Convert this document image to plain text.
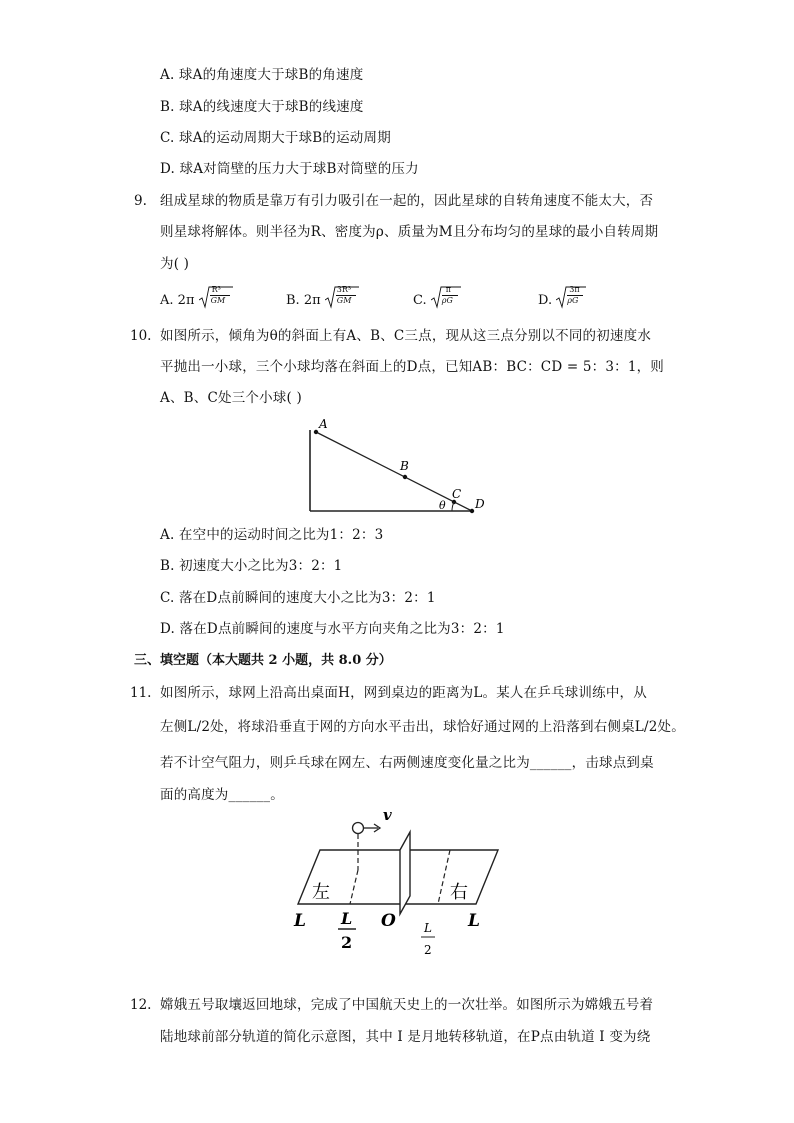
A. 球A的角速度大于球B的角速度
B. 球A的线速度大于球B的线速度
C. 球A的运动周期大于球B的运动周期
D. 球A对筒壁的压力大于球B对筒壁的压力
9. 组成星球的物质是靠万有引力吸引在一起的，因此星球的自转角速度不能太大，否
则星球将解体。则半径为R、密度为ρ、质量为M且分布均匀的星球的最小自转周期
为( )
A. $2\pi \frac{\text{R³}}{GM}$	B. $2\pi \frac{\text{3R³}}{GM}$	C. $\frac{\pi}{\rho G}$	D. $\frac{3\pi}{\rho G}$
10. 如图所示，倾角为θ的斜面上有A、B、C三点，现从这三点分别以不同的初速度水
平抛出一小球，三个小球均落在斜面上的D点，已知AB：BC：CD = 5：3：1，则
A、B、C处三个小球( )
A
B
C
D
θ
A. 在空中的运动时间之比为1：2：3
B. 初速度大小之比为3：2：1
C. 落在D点前瞬间的速度大小之比为3：2：1
D. 落在D点前瞬间的速度与水平方向夹角之比为3：2：1
三、填空题（本大题共 2 小题，共 8.0 分）
11. 如图所示，球网上沿高出桌面H，网到桌边的距离为L。某人在乒乓球训练中，从
左侧L/2处，将球沿垂直于网的方向水平击出，球恰好通过网的上沿落到右侧桌L/2处。
若不计空气阻力，则乒乓球在网左、右两侧速度变化量之比为______，击球点到桌
面的高度为______。
v
左	右
L	L
O
L
2
L
2
12. 嫦娥五号取壤返回地球，完成了中国航天史上的一次壮举。如图所示为嫦娥五号着
陆地球前部分轨道的简化示意图，其中 I 是月地转移轨道，在P点由轨道 I 变为绕
